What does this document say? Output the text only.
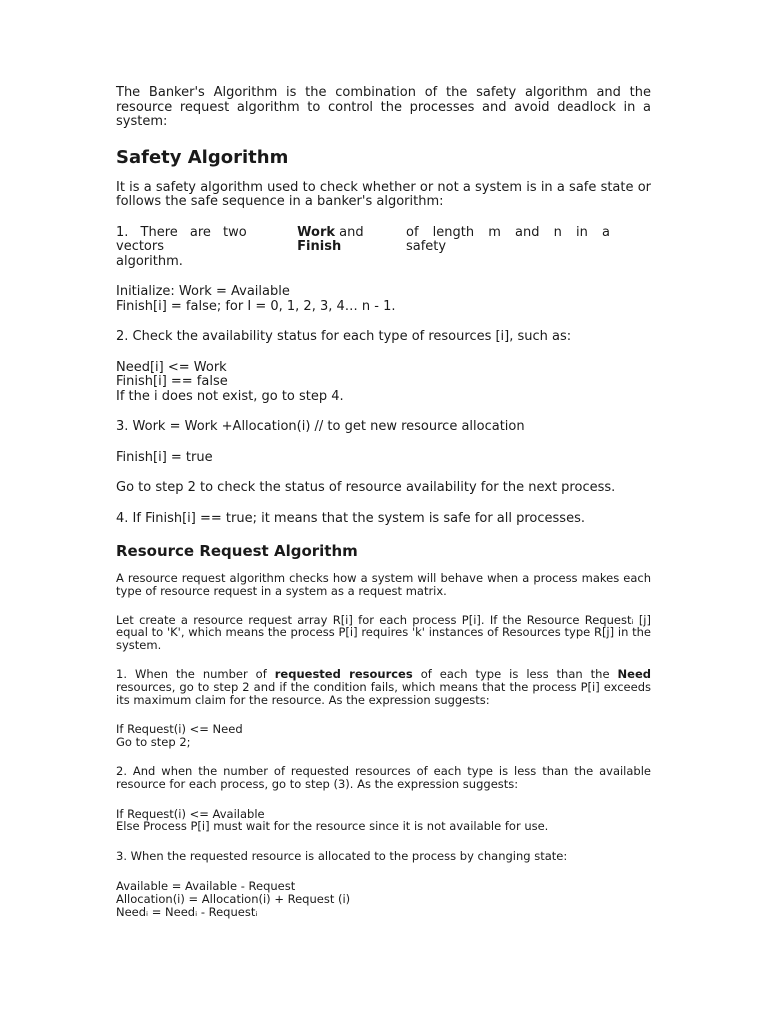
The Banker's Algorithm is the combination of the safety algorithm and the resource request algorithm to control the processes and avoid deadlock in a system:

Safety Algorithm

It is a safety algorithm used to check whether or not a system is in a safe state or follows the safe sequence in a banker's algorithm:

1. There are two vectors
Work and Finish
of length m and n in a safety
algorithm.
Initialize: Work = Available
Finish[i] = false; for I = 0, 1, 2, 3, 4… n - 1.

2. Check the availability status for each type of resources [i], such as:

Need[i] <= Work
Finish[i] == false
If the i does not exist, go to step 4.

3. Work = Work +Allocation(i) // to get new resource allocation

Finish[i] = true

Go to step 2 to check the status of resource availability for the next process.

4. If Finish[i] == true; it means that the system is safe for all processes.

Resource Request Algorithm

A resource request algorithm checks how a system will behave when a process makes each type of resource request in a system as a request matrix.

Let create a resource request array R[i] for each process P[i]. If the Resource Requestᵢ [j] equal to 'K', which means the process P[i] requires 'k' instances of Resources type R[j] in the system.

1. When the number of requested resources of each type is less than the Need resources, go to step 2 and if the condition fails, which means that the process P[i] exceeds its maximum claim for the resource. As the expression suggests:

If Request(i) <= Need
Go to step 2;

2. And when the number of requested resources of each type is less than the available resource for each process, go to step (3). As the expression suggests:

If Request(i) <= Available
Else Process P[i] must wait for the resource since it is not available for use.

3. When the requested resource is allocated to the process by changing state:

Available = Available - Request
Allocation(i) = Allocation(i) + Request (i)
Needᵢ = Needᵢ - Requestᵢ
